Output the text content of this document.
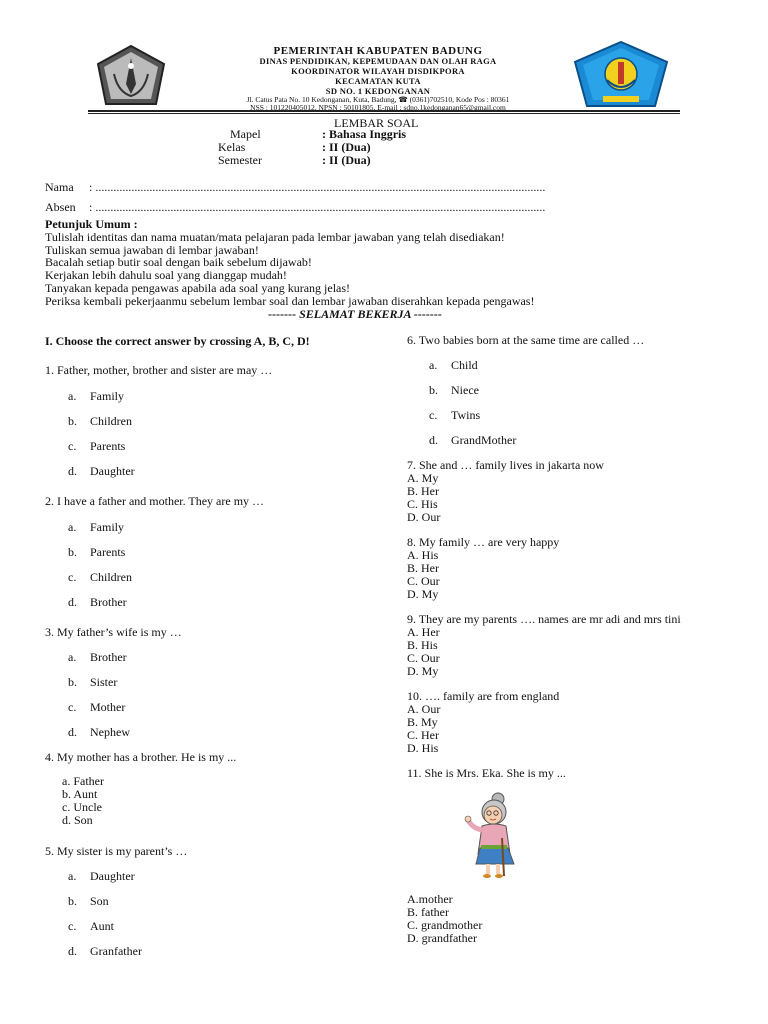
PEMERINTAH KABUPATEN BADUNG
DINAS PENDIDIKAN, KEPEMUDAAN DAN OLAH RAGA
KOORDINATOR WILAYAH DISDIKPORA
KECAMATAN KUTA
SD NO. 1 KEDONGANAN
Jl. Catus Pata No. 10 Kedonganan, Kuta, Badung, ☎ (0361)702510, Kode Pos : 80361
NSS : 101220405012, NPSN : 50101805, E-mail : sdno.1kedonganan65@gmail.com
LEMBAR SOAL
Mapel	: Bahasa Inggris
Kelas	: II (Dua)
Semester	: II (Dua)
Nama : ......................................................................................................................................................
Absen : ......................................................................................................................................................
Petunjuk Umum :
Tulislah identitas dan nama muatan/mata pelajaran pada lembar jawaban yang telah disediakan!
Tuliskan semua jawaban di lembar jawaban!
Bacalah setiap butir soal dengan baik sebelum dijawab!
Kerjakan lebih dahulu soal yang dianggap mudah!
Tanyakan kepada pengawas apabila ada soal yang kurang jelas!
Periksa kembali pekerjaanmu sebelum lembar soal dan lembar jawaban diserahkan kepada pengawas!
------- SELAMAT BEKERJA -------
I. Choose the correct answer by crossing A, B, C, D!
1. Father, mother, brother and sister are may …
a. Family
b. Children
c. Parents
d. Daughter
2. I have a father and mother. They are my …
a. Family
b. Parents
c. Children
d. Brother
3. My father’s wife is my …
a. Brother
b. Sister
c. Mother
d. Nephew
4. My mother has a brother. He is my ...
a. Father
b. Aunt
c. Uncle
d. Son
5. My sister is my parent’s …
a. Daughter
b. Son
c. Aunt
d. Granfather
6. Two babies born at the same time are called …
a. Child
b. Niece
c. Twins
d. GrandMother
7. She and … family lives in jakarta now
A. My
B. Her
C. His
D. Our
8. My family … are very happy
A. His
B. Her
C. Our
D. My
9. They are my parents …. names are mr adi and mrs tini
A. Her
B. His
C. Our
D. My
10. …. family are from england
A. Our
B. My
C. Her
D. His
11. She is Mrs. Eka. She is my ...
A.mother
B. father
C. grandmother
D. grandfather
